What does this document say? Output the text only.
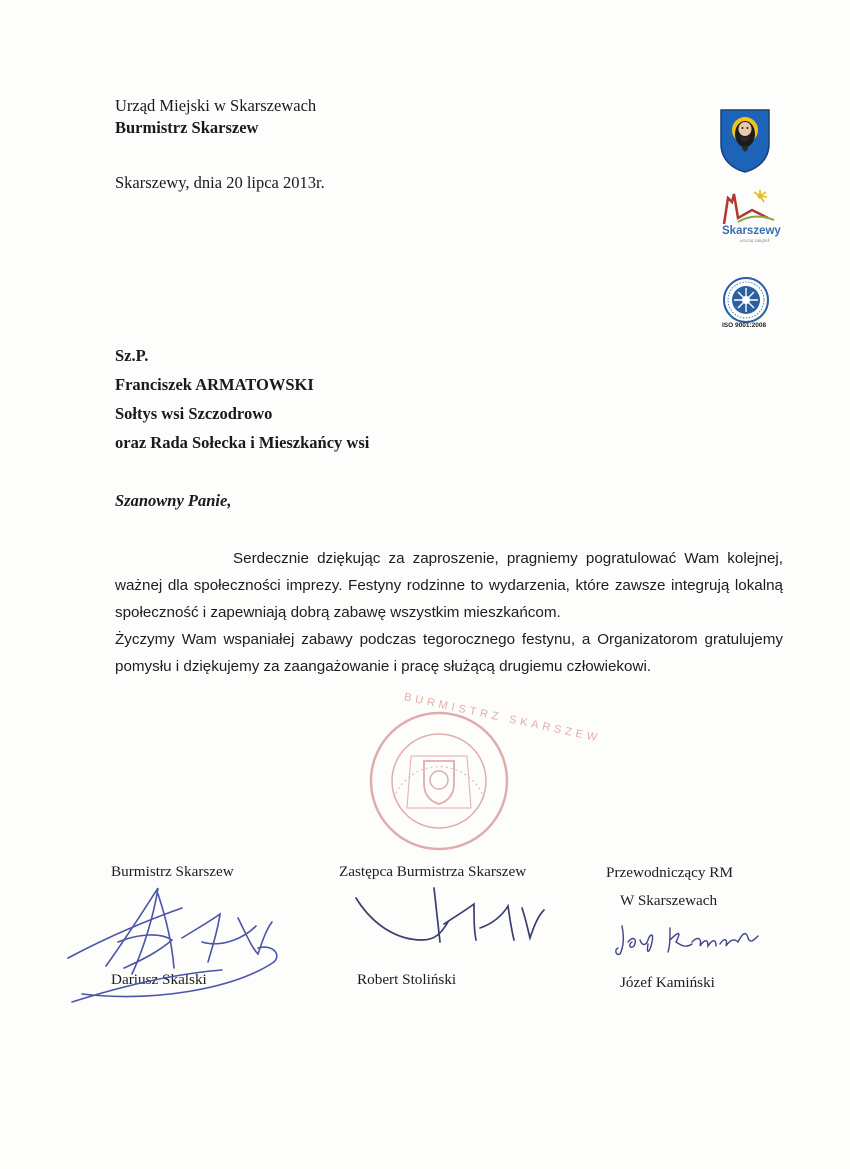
Urząd Miejski w Skarszewach
Burmistrz Skarszew
Skarszewy, dnia 20 lipca 2013r.
Skarszewy
urocza zakątek
ISO 9001:2008
Sz.P.
Franciszek ARMATOWSKI
Sołtys wsi Szczodrowo
oraz Rada Sołecka i Mieszkańcy wsi
Szanowny Panie,

Serdecznie dziękując za zaproszenie, pragniemy pogratulować Wam kolejnej, ważnej dla społeczności imprezy. Festyny rodzinne to wydarzenia, które zawsze integrują lokalną społeczność i zapewniają dobrą zabawę wszystkim mieszkańcom.

Życzymy Wam wspaniałej zabawy podczas tegorocznego festynu, a Organizatorom gratulujemy pomysłu i dziękujemy za zaangażowanie i pracę służącą drugiemu człowiekowi.

BURMISTRZ SKARSZEW
Burmistrz Skarszew
Dariusz Skalski
Zastępca Burmistrza Skarszew
Robert Stoliński
Przewodniczący RM
W Skarszewach
Józef Kamiński
